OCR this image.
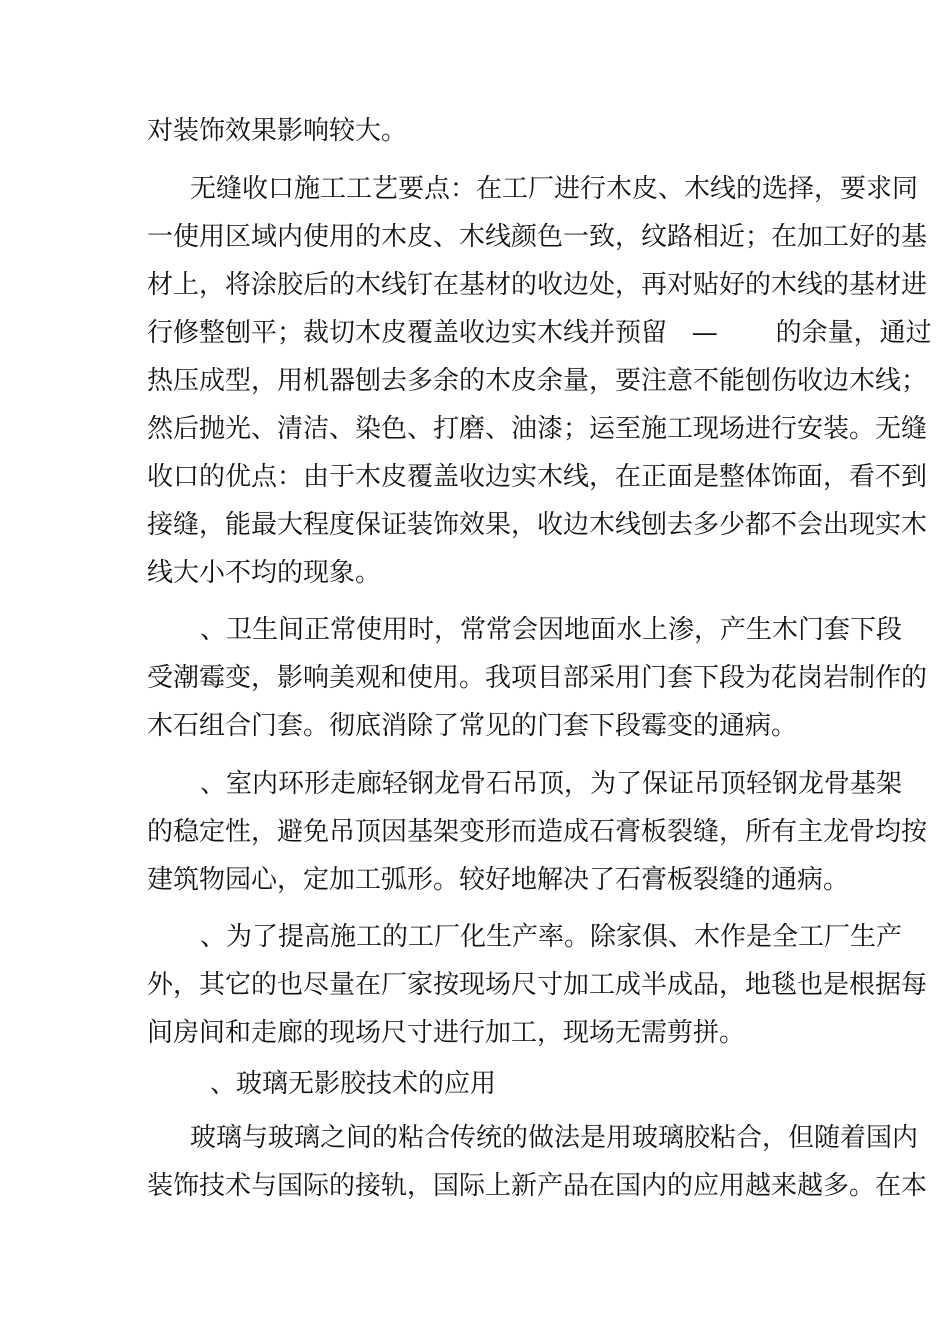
对装饰效果影响较大。
无缝收口施工工艺要点：在工厂进行木皮、木线的选择，要求同
一使用区域内使用的木皮、木线颜色一致，纹路相近；在加工好的基
材上，将涂胶后的木线钉在基材的收边处，再对贴好的木线的基材进
行修整刨平；裁切木皮覆盖收边实木线并预留   —       的余量，通过
热压成型，用机器刨去多余的木皮余量，要注意不能刨伤收边木线；
然后抛光、清洁、染色、打磨、油漆；运至施工现场进行安装。无缝
收口的优点：由于木皮覆盖收边实木线，在正面是整体饰面，看不到
接缝，能最大程度保证装饰效果，收边木线刨去多少都不会出现实木
线大小不均的现象。
、卫生间正常使用时，常常会因地面水上渗，产生木门套下段
受潮霉变，影响美观和使用。我项目部采用门套下段为花岗岩制作的
木石组合门套。彻底消除了常见的门套下段霉变的通病。
、室内环形走廊轻钢龙骨石吊顶，为了保证吊顶轻钢龙骨基架
的稳定性，避免吊顶因基架变形而造成石膏板裂缝，所有主龙骨均按
建筑物园心，定加工弧形。较好地解决了石膏板裂缝的通病。
、为了提高施工的工厂化生产率。除家俱、木作是全工厂生产
外，其它的也尽量在厂家按现场尺寸加工成半成品，地毯也是根据每
间房间和走廊的现场尺寸进行加工，现场无需剪拼。
、玻璃无影胶技术的应用
玻璃与玻璃之间的粘合传统的做法是用玻璃胶粘合，但随着国内
装饰技术与国际的接轨，国际上新产品在国内的应用越来越多。在本
